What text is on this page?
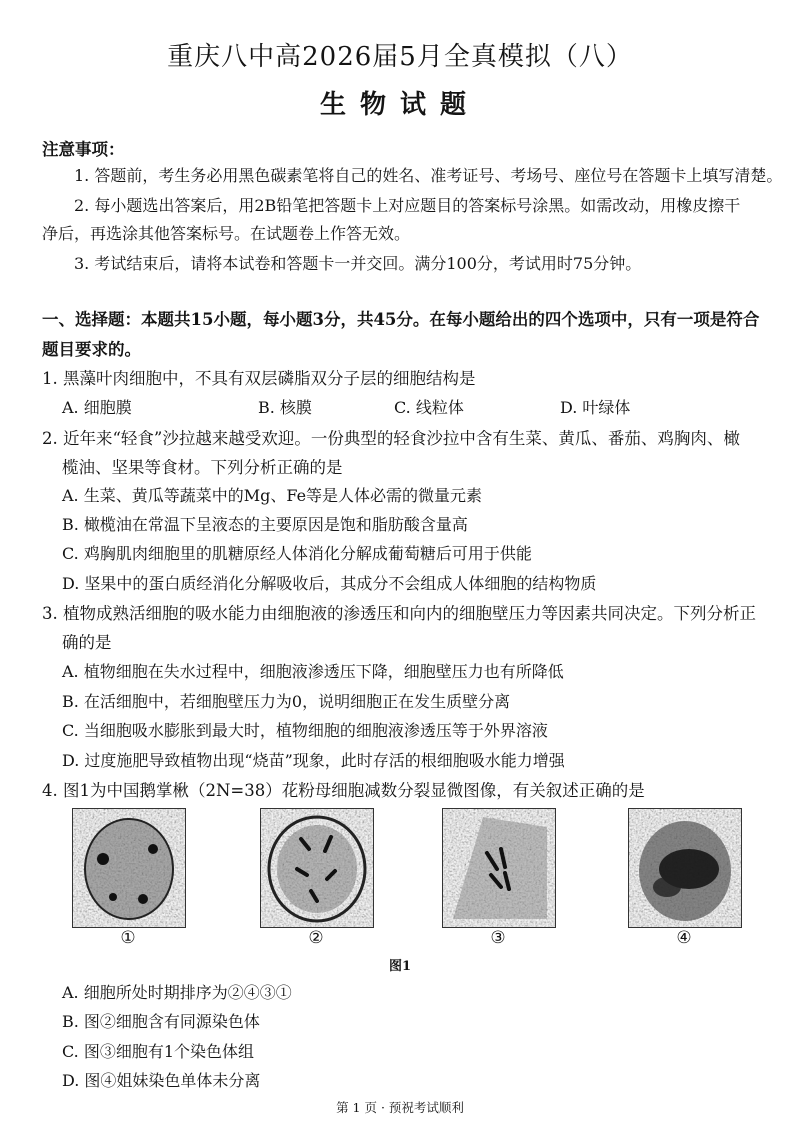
重庆八中高2026届5月全真模拟（八）
生物试题
注意事项：
1. 答题前，考生务必用黑色碳素笔将自己的姓名、准考证号、考场号、座位号在答题卡上填写清楚。
2. 每小题选出答案后，用2B铅笔把答题卡上对应题目的答案标号涂黑。如需改动，用橡皮擦干
净后，再选涂其他答案标号。在试题卷上作答无效。
3. 考试结束后，请将本试卷和答题卡一并交回。满分100分，考试用时75分钟。
一、选择题：本题共15小题，每小题3分，共45分。在每小题给出的四个选项中，只有一项是符合
题目要求的。
1. 黑藻叶肉细胞中，不具有双层磷脂双分子层的细胞结构是
A. 细胞膜	B. 核膜	C. 线粒体	D. 叶绿体
2. 近年来“轻食”沙拉越来越受欢迎。一份典型的轻食沙拉中含有生菜、黄瓜、番茄、鸡胸肉、橄
榄油、坚果等食材。下列分析正确的是
A. 生菜、黄瓜等蔬菜中的Mg、Fe等是人体必需的微量元素
B. 橄榄油在常温下呈液态的主要原因是饱和脂肪酸含量高
C. 鸡胸肌肉细胞里的肌糖原经人体消化分解成葡萄糖后可用于供能
D. 坚果中的蛋白质经消化分解吸收后，其成分不会组成人体细胞的结构物质
3. 植物成熟活细胞的吸水能力由细胞液的渗透压和向内的细胞壁压力等因素共同决定。下列分析正
确的是
A. 植物细胞在失水过程中，细胞液渗透压下降，细胞壁压力也有所降低
B. 在活细胞中，若细胞壁压力为0，说明细胞正在发生质壁分离
C. 当细胞吸水膨胀到最大时，植物细胞的细胞液渗透压等于外界溶液
D. 过度施肥导致植物出现“烧苗”现象，此时存活的根细胞吸水能力增强
4. 图1为中国鹅掌楸（2N=38）花粉母细胞减数分裂显微图像，有关叙述正确的是
①	②	③	④
图1
A. 细胞所处时期排序为②④③①
B. 图②细胞含有同源染色体
C. 图③细胞有1个染色体组
D. 图④姐妹染色单体未分离
第 1 页 · 预祝考试顺利
